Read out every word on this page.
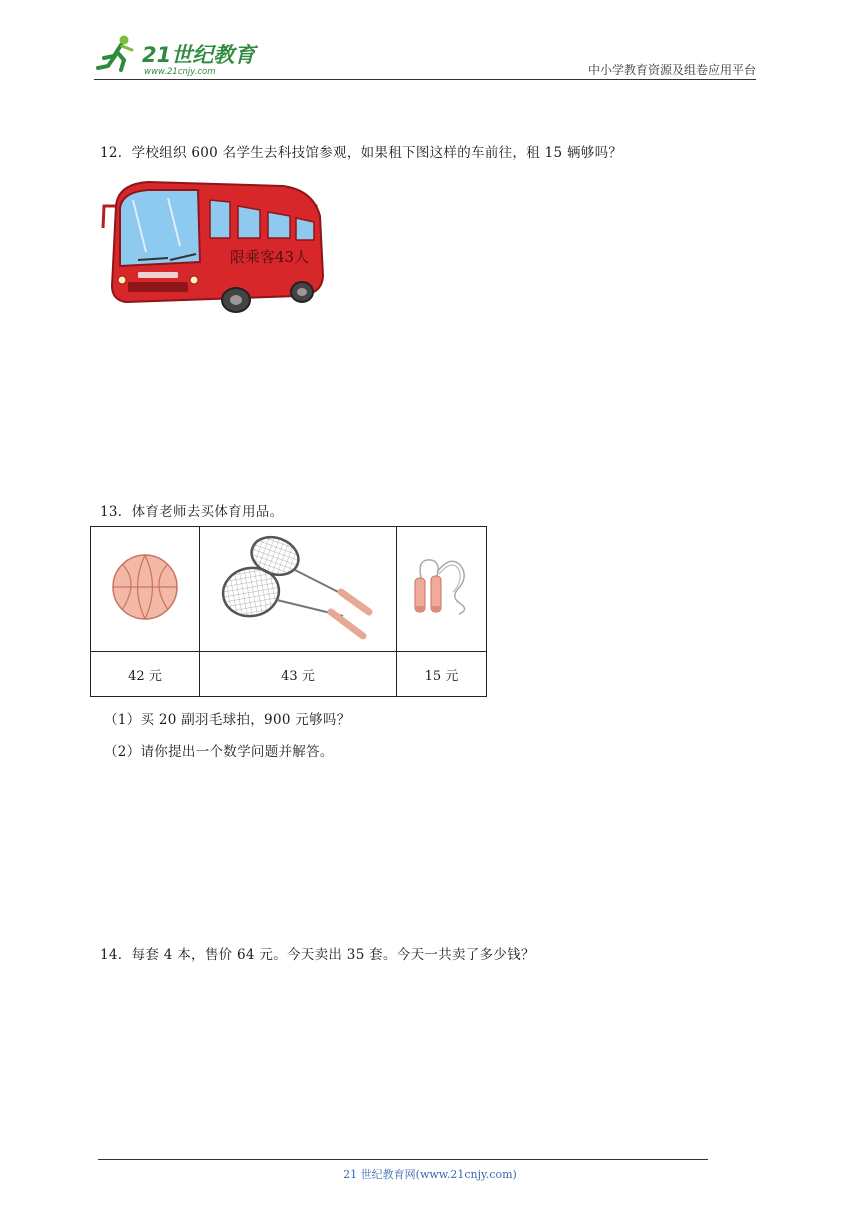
21世纪教育
www.21cnjy.com	中小学教育资源及组卷应用平台
12．学校组织 600 名学生去科技馆参观，如果租下图这样的车前往，租 15 辆够吗？
限乘客43人
13．体育老师去买体育用品。

42 元	43 元	15 元
（1）买 20 副羽毛球拍，900 元够吗？
（2）请你提出一个数学问题并解答。
14．每套 4 本，售价 64 元。今天卖出 35 套。今天一共卖了多少钱？
21 世纪教育网(www.21cnjy.com)
